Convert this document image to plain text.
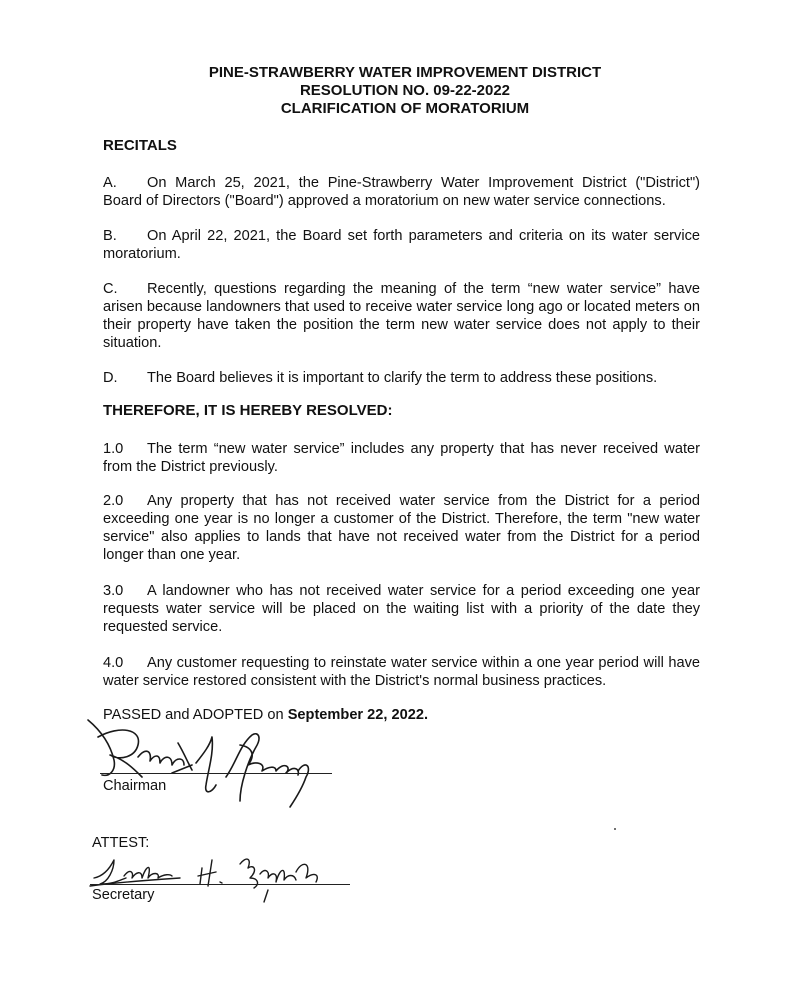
PINE-STRAWBERRY WATER IMPROVEMENT DISTRICT
RESOLUTION NO. 09-22-2022
CLARIFICATION OF MORATORIUM
RECITALS
A. On March 25, 2021, the Pine-Strawberry Water Improvement District ("District") Board of Directors ("Board") approved a moratorium on new water service connections.
B. On April 22, 2021, the Board set forth parameters and criteria on its water service moratorium.
C. Recently, questions regarding the meaning of the term “new water service” have arisen because landowners that used to receive water service long ago or located meters on their property have taken the position the term new water service does not apply to their situation.
D. The Board believes it is important to clarify the term to address these positions.
THEREFORE, IT IS HEREBY RESOLVED:
1.0 The term “new water service” includes any property that has never received water from the District previously.
2.0 Any property that has not received water service from the District for a period exceeding one year is no longer a customer of the District. Therefore, the term "new water service" also applies to lands that have not received water from the District for a period longer than one year.
3.0 A landowner who has not received water service for a period exceeding one year requests water service will be placed on the waiting list with a priority of the date they requested service.
4.0 Any customer requesting to reinstate water service within a one year period will have water service restored consistent with the District's normal business practices.
PASSED and ADOPTED on September 22, 2022.
Chairman
ATTEST:
Secretary
